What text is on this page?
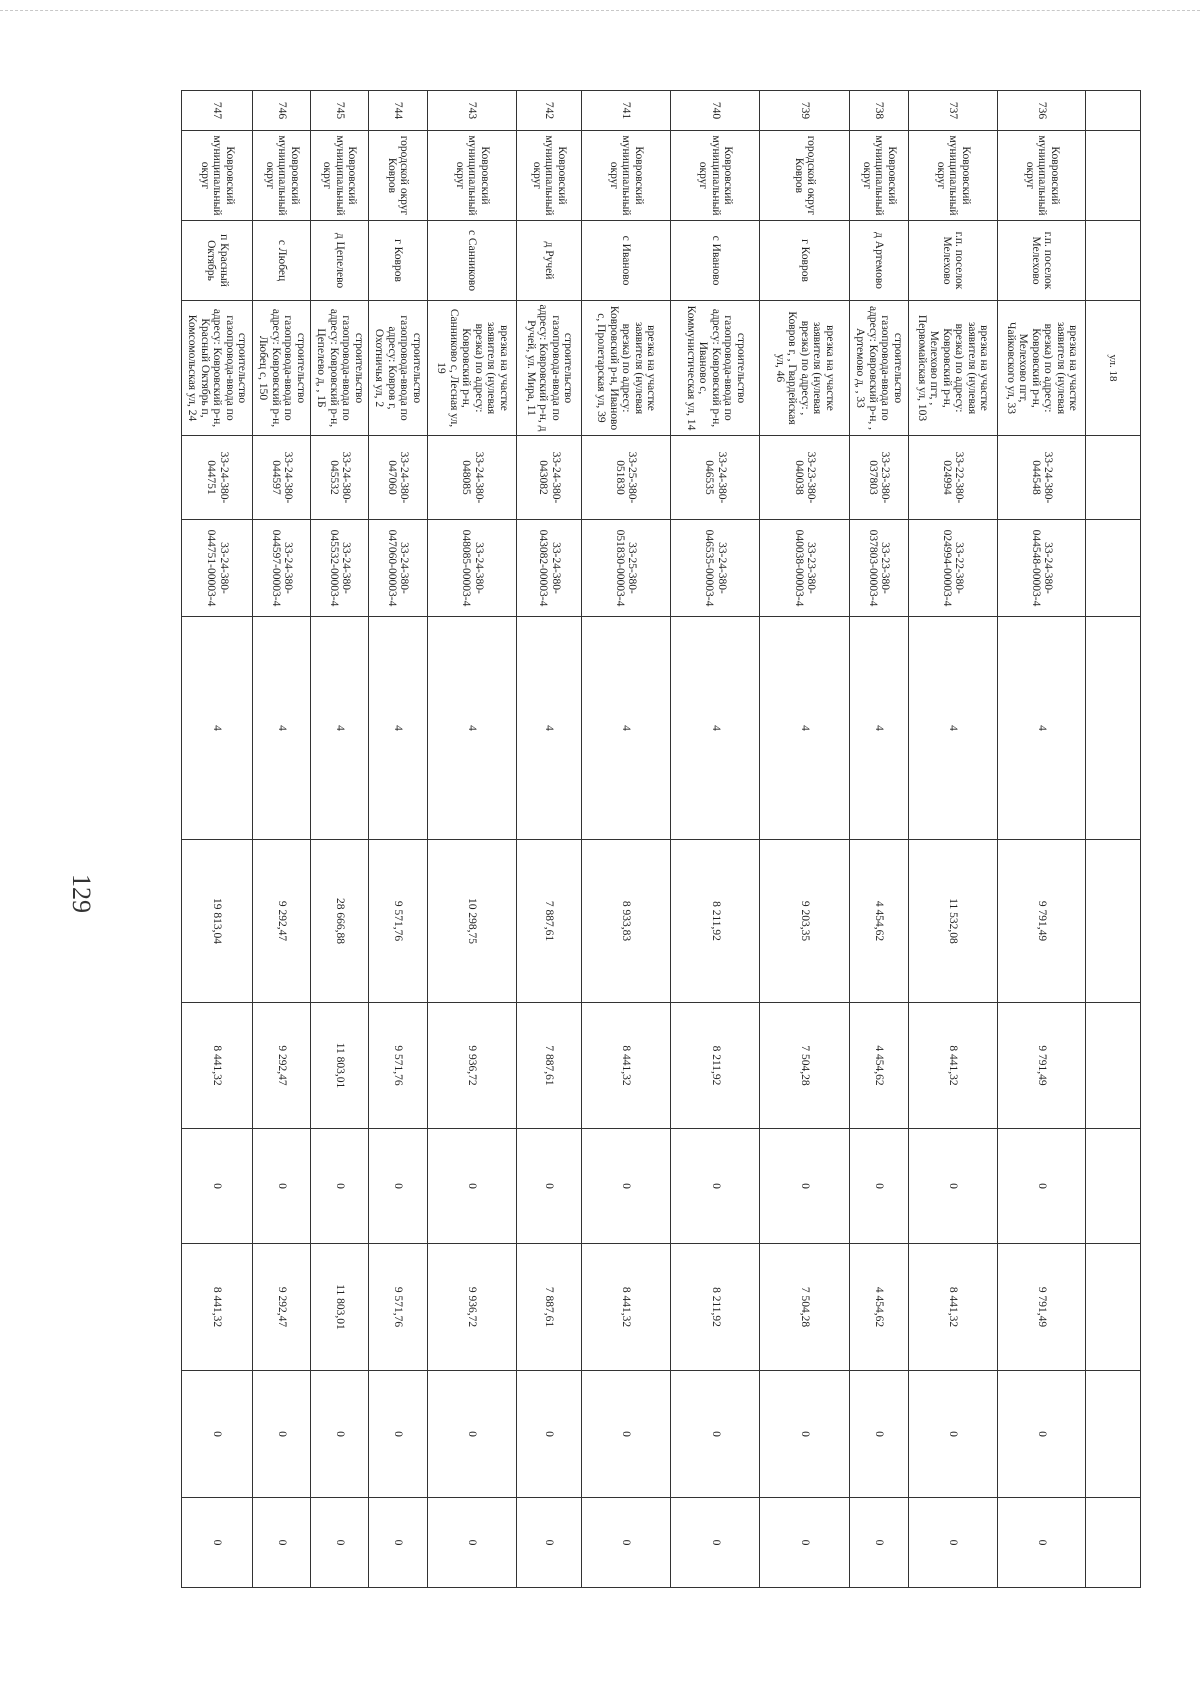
129
			ул. 18									
736	Ковровский муниципальный округ	г.п. поселок Мелехово	врезка на участке заявителя (нулевая врезка) по адресу: Ковровский р-н, Мелехово пгт, Чайковского ул, 33	33-24-380-044548	33-24-380-044548-00003-4	4	9 791,49	9 791,49	0	9 791,49	0	0
737	Ковровский муниципальный округ	г.п. поселок Мелехово	врезка на участке заявителя (нулевая врезка) по адресу: Ковровский р-н, Мелехово пгт, , Первомайская ул, 103	33-22-380-024994	33-22-380-024994-00003-4	4	11 532,08	8 441,32	0	8 441,32	0	0
738	Ковровский муниципальный округ	д Артемово	строительство газопровода-ввода по адресу: Ковровский р-н, , Артемово д, , 33	33-23-380-037803	33-23-380-037803-00003-4	4	4 454,62	4 454,62	0	4 454,62	0	0
739	городской округ Ковров	г Ковров	врезка на участке заявителя (нулевая врезка) по адресу: , Ковров г, , Гвардейская ул, 46	33-23-380-040038	33-23-380-040038-00003-4	4	9 203,35	7 504,28	0	7 504,28	0	0
740	Ковровский муниципальный округ	с Иваново	строительство газопровода-ввода по адресу: Ковровский р-н, Иваново с, Коммунистическая ул, 14	33-24-380-046535	33-24-380-046535-00003-4	4	8 211,92	8 211,92	0	8 211,92	0	0
741	Ковровский муниципальный округ	с Иваново	врезка на участке заявителя (нулевая врезка) по адресу: Ковровский р-н, Иваново с, Пролетарская ул, 39	33-25-380-051830	33-25-380-051830-00003-4	4	8 933,83	8 441,32	0	8 441,32	0	0
742	Ковровский муниципальный округ	д Ручей	строительство газопровода-ввода по адресу: Ковровский р-н, д Ручей, ул. Мира, 11	33-24-380-043082	33-24-380-043082-00003-4	4	7 887,61	7 887,61	0	7 887,61	0	0
743	Ковровский муниципальный округ	с Санниково	врезка на участке заявителя (нулевая врезка) по адресу: Ковровский р-н, Санниково с, Лесная ул, 19	33-24-380-048085	33-24-380-048085-00003-4	4	10 298,75	9 936,72	0	9 936,72	0	0
744	городской округ Ковров	г Ковров	строительство газопровода-ввода по адресу: Ковров г, Охотничья ул, 2	33-24-380-047060	33-24-380-047060-00003-4	4	9 571,76	9 571,76	0	9 571,76	0	0
745	Ковровский муниципальный округ	д Цепелево	строительство газопровода-ввода по адресу: Ковровский р-н, Цепелево д, , 1Б	33-24-380-045532	33-24-380-045532-00003-4	4	28 666,88	11 803,01	0	11 803,01	0	0
746	Ковровский муниципальный округ	с Любец	строительство газопровода-ввода по адресу: Ковровский р-н, Любец с, 150	33-24-380-044597	33-24-380-044597-00003-4	4	9 292,47	9 292,47	0	9 292,47	0	0
747	Ковровский муниципальный округ	п Красный Октябрь	строительство газопровода-ввода по адресу: Ковровский р-н, Красный Октябрь п, Комсомольская ул, 24	33-24-380-044751	33-24-380-044751-00003-4	4	19 813,04	8 441,32	0	8 441,32	0	0
